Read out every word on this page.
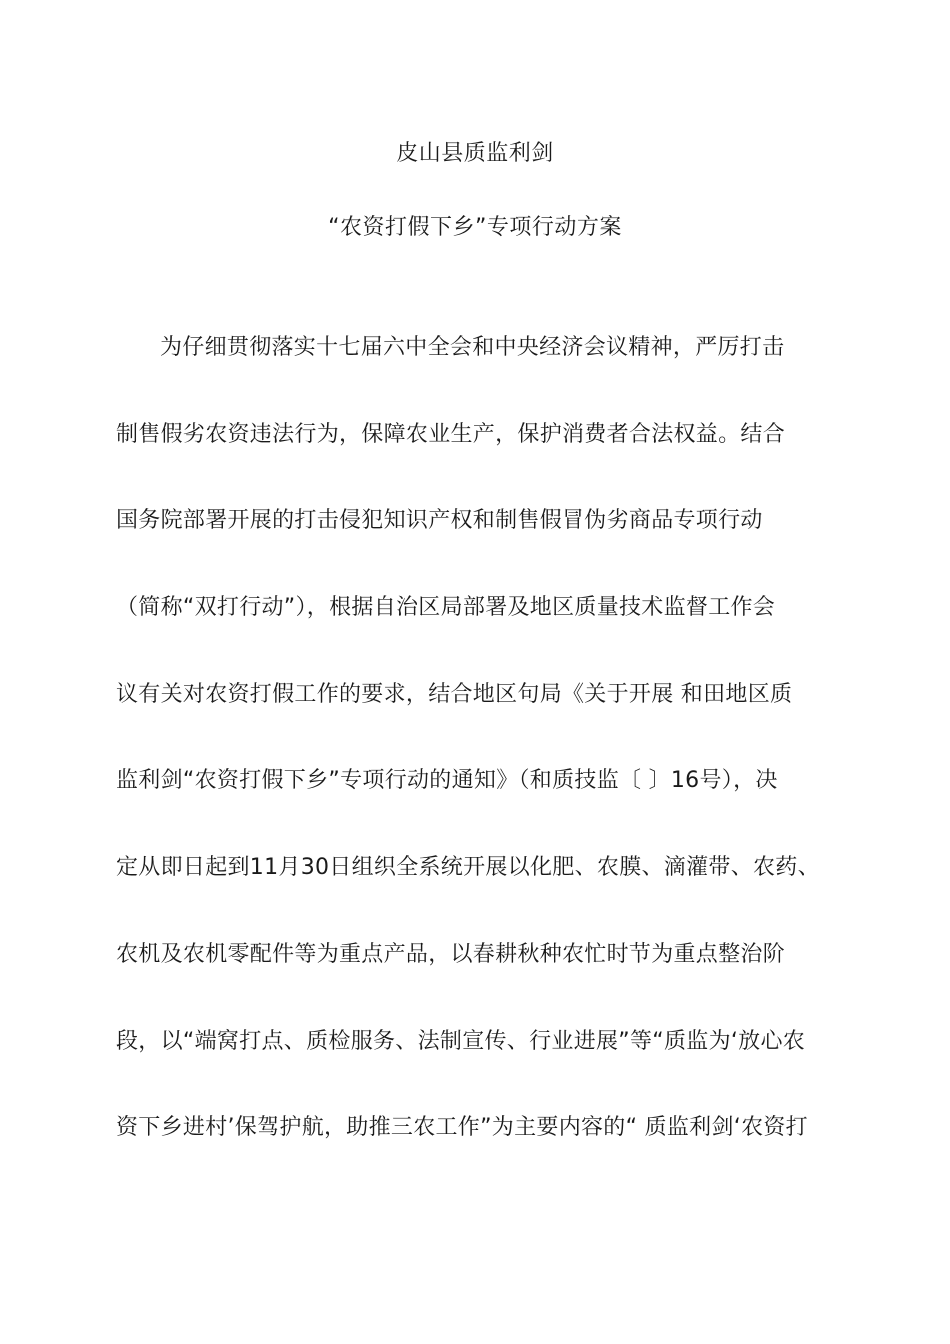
皮山县质监利剑
“农资打假下乡”专项行动方案
为仔细贯彻落实十七届六中全会和中央经济会议精神，严厉打击
制售假劣农资违法行为，保障农业生产，保护消费者合法权益。结合
国务院部署开展的打击侵犯知识产权和制售假冒伪劣商品专项行动
（简称“双打行动”），根据自治区局部署及地区质量技术监督工作会
议有关对农资打假工作的要求，结合地区句局《关于开展 和田地区质
监利剑“农资打假下乡”专项行动的通知》（和质技监〔 〕16号），决
定从即日起到11月30日组织全系统开展以化肥、农膜、滴灌带、农药、
农机及农机零配件等为重点产品，以春耕秋种农忙时节为重点整治阶
段，以“端窝打点、质检服务、法制宣传、行业进展”等“质监为‘放心农
资下乡进村’保驾护航，助推三农工作”为主要内容的“ 质监利剑‘农资打
